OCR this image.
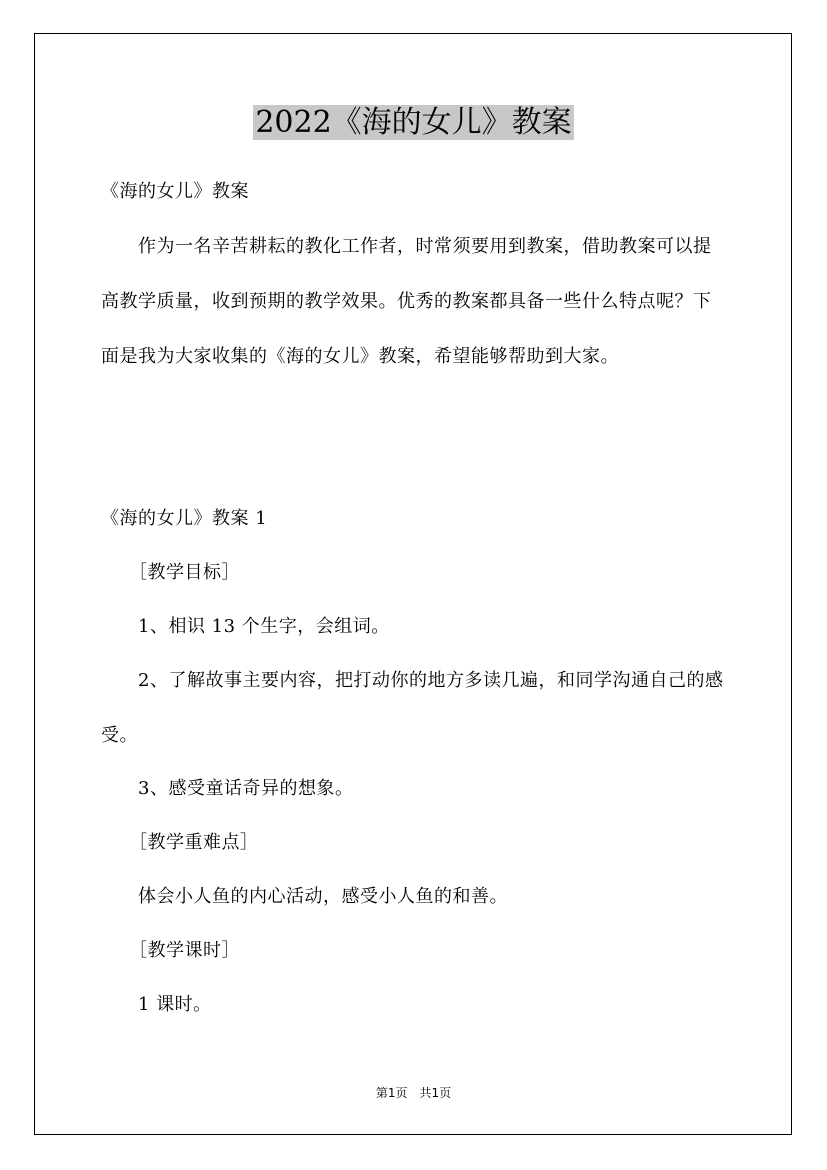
2022《海的女儿》教案
《海的女儿》教案
　　作为一名辛苦耕耘的教化工作者，时常须要用到教案，借助教案可以提高教学质量，收到预期的教学效果。优秀的教案都具备一些什么特点呢？下面是我为大家收集的《海的女儿》教案，希望能够帮助到大家。
《海的女儿》教案 1
　　［教学目标］
　　1、相识 13 个生字，会组词。
　　2、了解故事主要内容，把打动你的地方多读几遍，和同学沟通自己的感受。
　　3、感受童话奇异的想象。
　　［教学重难点］
　　体会小人鱼的内心活动，感受小人鱼的和善。
　　［教学课时］
　　1 课时。
第1页　共1页
